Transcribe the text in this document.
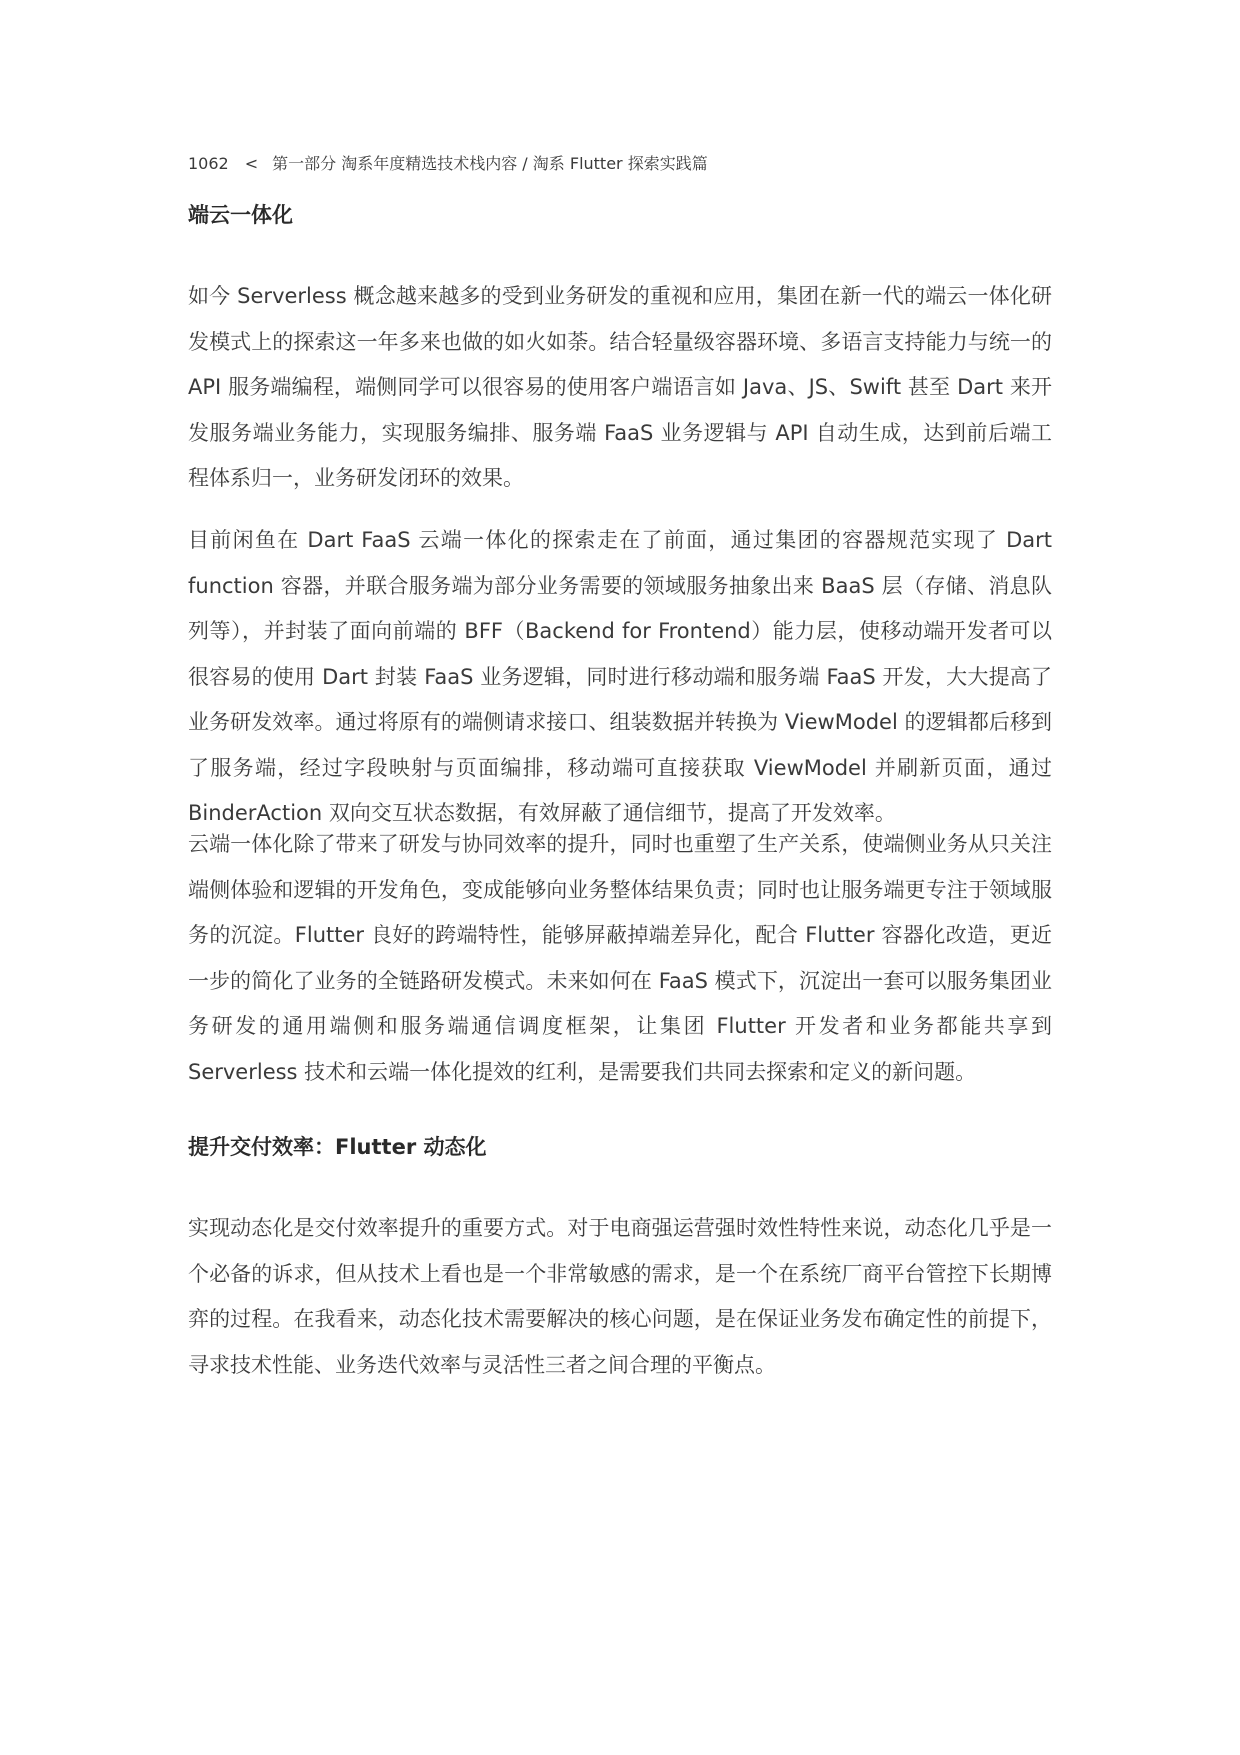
1062 < 第一部分 淘系年度精选技术栈内容 / 淘系 Flutter 探索实践篇
端云一体化

如今 Serverless 概念越来越多的受到业务研发的重视和应用，集团在新一代的端云一体化研发模式上的探索这一年多来也做的如火如荼。结合轻量级容器环境、多语言支持能力与统一的 API 服务端编程，端侧同学可以很容易的使用客户端语言如 Java、JS、Swift 甚至 Dart 来开发服务端业务能力，实现服务编排、服务端 FaaS 业务逻辑与 API 自动生成，达到前后端工程体系归一，业务研发闭环的效果。

目前闲鱼在 Dart FaaS 云端一体化的探索走在了前面，通过集团的容器规范实现了 Dart function 容器，并联合服务端为部分业务需要的领域服务抽象出来 BaaS 层（存储、消息队列等），并封装了面向前端的 BFF（Backend for Frontend）能力层，使移动端开发者可以很容易的使用 Dart 封装 FaaS 业务逻辑，同时进行移动端和服务端 FaaS 开发，大大提高了业务研发效率。通过将原有的端侧请求接口、组装数据并转换为 ViewModel 的逻辑都后移到了服务端，经过字段映射与页面编排，移动端可直接获取 ViewModel 并刷新页面，通过 BinderAction 双向交互状态数据，有效屏蔽了通信细节，提高了开发效率。

云端一体化除了带来了研发与协同效率的提升，同时也重塑了生产关系，使端侧业务从只关注端侧体验和逻辑的开发角色，变成能够向业务整体结果负责；同时也让服务端更专注于领域服务的沉淀。Flutter 良好的跨端特性，能够屏蔽掉端差异化，配合 Flutter 容器化改造，更近一步的简化了业务的全链路研发模式。未来如何在 FaaS 模式下，沉淀出一套可以服务集团业务研发的通用端侧和服务端通信调度框架，让集团 Flutter 开发者和业务都能共享到 Serverless 技术和云端一体化提效的红利，是需要我们共同去探索和定义的新问题。

提升交付效率：Flutter 动态化

实现动态化是交付效率提升的重要方式。对于电商强运营强时效性特性来说，动态化几乎是一个必备的诉求，但从技术上看也是一个非常敏感的需求，是一个在系统厂商平台管控下长期博弈的过程。在我看来，动态化技术需要解决的核心问题，是在保证业务发布确定性的前提下，寻求技术性能、业务迭代效率与灵活性三者之间合理的平衡点。
